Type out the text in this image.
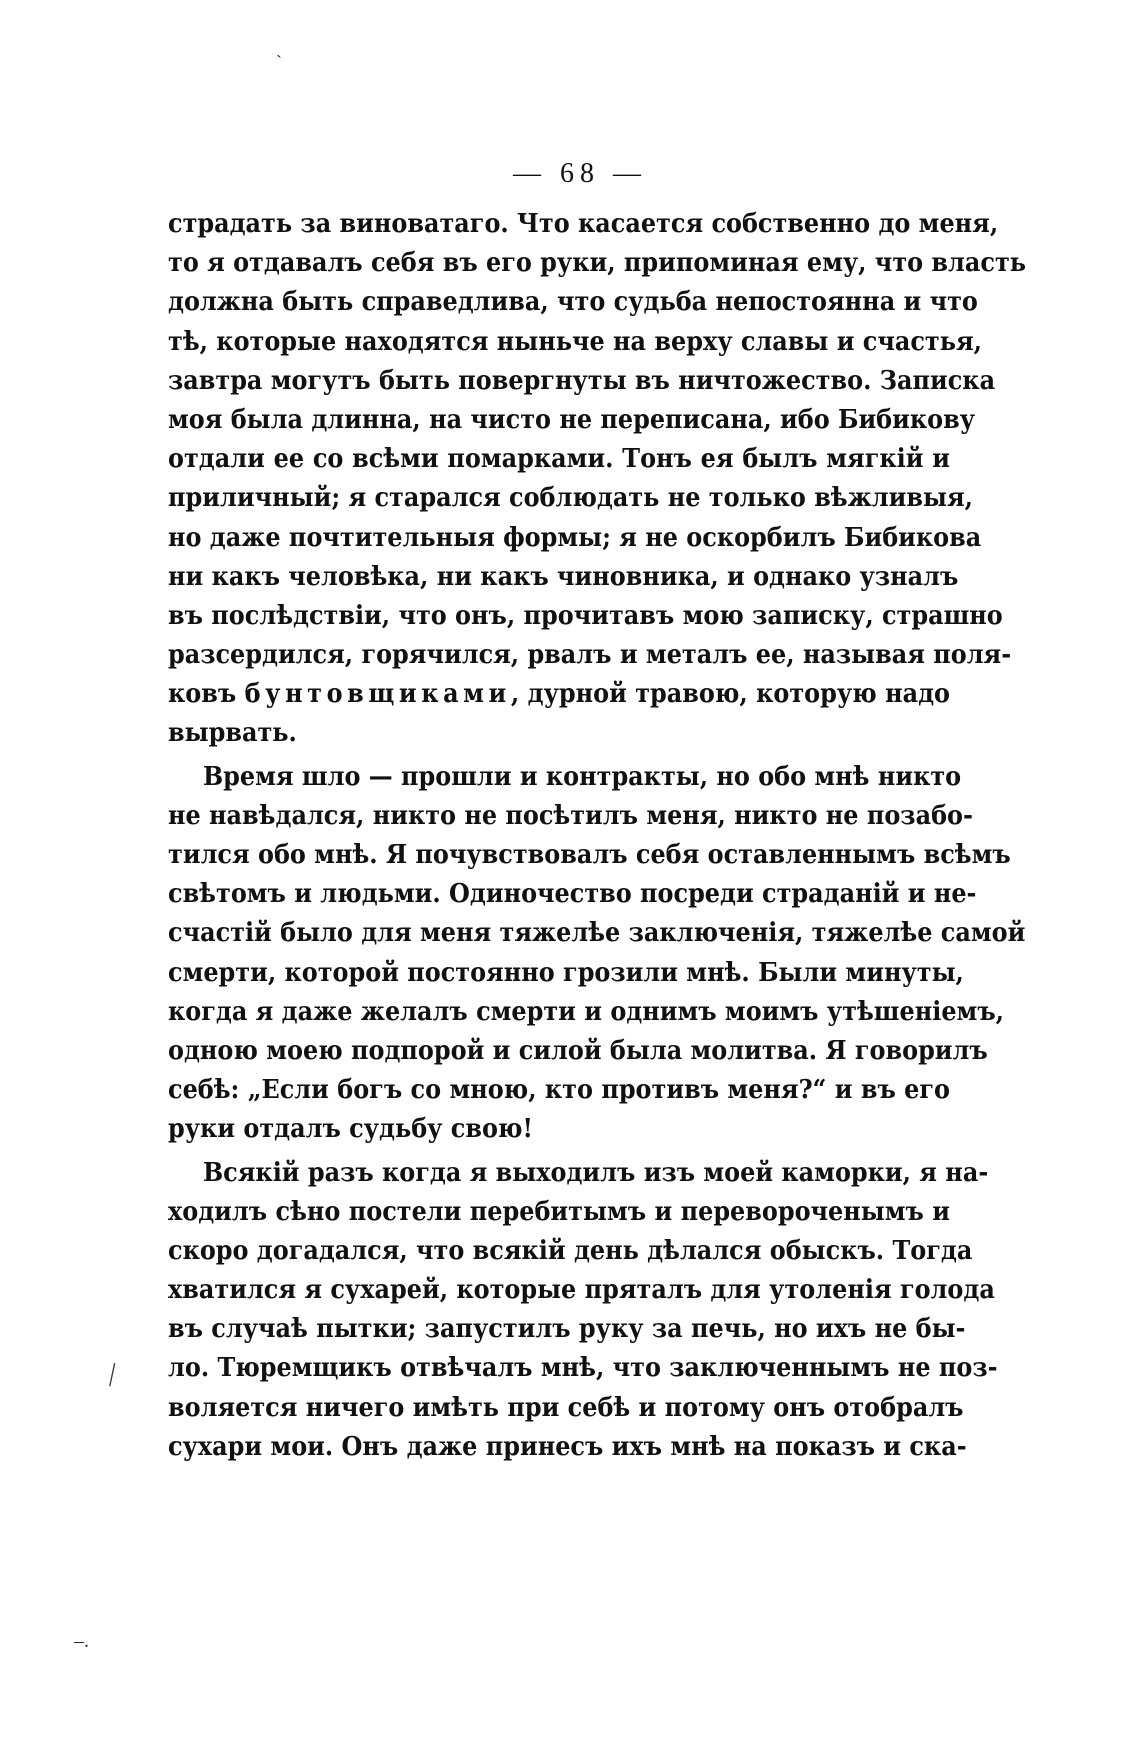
ˋ
|
–.
— 68 —
страдать за виноватаго. Что касается собственно до меня,
то я отдавалъ себя въ его руки, припоминая ему, что власть
должна быть справедлива, что судьба непостоянна и что
тѣ, которые находятся ныньче на верху славы и счастья,
завтра могутъ быть повергнуты въ ничтожество. Записка
моя была длинна, на чисто не переписана, ибо Бибикову
отдали ее со всѣми помарками. Тонъ ея былъ мягкій и
приличный; я старался соблюдать не только вѣжливыя,
но даже почтительныя формы; я не оскорбилъ Бибикова
ни какъ человѣка, ни какъ чиновника, и однако узналъ
въ послѣдствіи, что онъ, прочитавъ мою записку, страшно
разсердился, горячился, рвалъ и металъ ее, называя поля-
ковъ бунтовщиками, дурной травою, которую надо
вырвать.
Время шло — прошли и контракты, но обо мнѣ никто
не навѣдался, никто не посѣтилъ меня, никто не позабо-
тился обо мнѣ. Я почувствовалъ себя оставленнымъ всѣмъ
свѣтомъ и людьми. Одиночество посреди страданій и не-
счастій было для меня тяжелѣе заключенія, тяжелѣе самой
смерти, которой постоянно грозили мнѣ. Были минуты,
когда я даже желалъ смерти и однимъ моимъ утѣшеніемъ,
одною моею подпорой и силой была молитва. Я говорилъ
себѣ: „Если богъ со мною, кто противъ меня?“ и въ его
руки отдалъ судьбу свою!
Всякій разъ когда я выходилъ изъ моей каморки, я на-
ходилъ сѣно постели перебитымъ и перевороченымъ и
скоро догадался, что всякій день дѣлался обыскъ. Тогда
хватился я сухарей, которые пряталъ для утоленія голода
въ случаѣ пытки; запустилъ руку за печь, но ихъ не бы-
ло. Тюремщикъ отвѣчалъ мнѣ, что заключеннымъ не поз-
воляется ничего имѣть при себѣ и потому онъ отобралъ
сухари мои. Онъ даже принесъ ихъ мнѣ на показъ и ска-
